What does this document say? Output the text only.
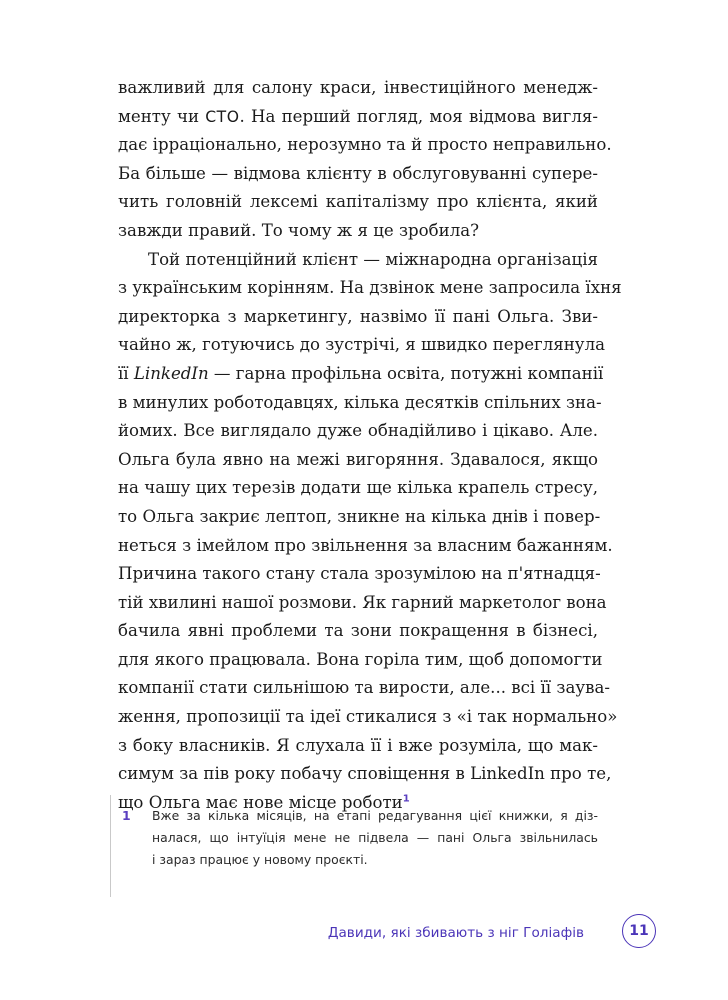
важливий для салону краси, інвестиційного менедж-
менту чи СТО. На перший погляд, моя відмова вигля-
дає ірраціонально, нерозумно та й просто неправильно.
Ба більше — відмова клієнту в обслуговуванні супере-
чить головній лексемі капіталізму про клієнта, який
завжди правий. То чому ж я це зробила?
Той потенційний клієнт — міжнародна організація
з українським корінням. На дзвінок мене запросила їхня
директорка з маркетингу, назвімо її пані Ольга. Зви-
чайно ж, готуючись до зустрічі, я швидко переглянула
її LinkedIn — гарна профільна освіта, потужні компанії
в минулих роботодавцях, кілька десятків спільних зна-
йомих. Все виглядало дуже обнадійливо і цікаво. Але.
Ольга була явно на межі вигоряння. Здавалося, якщо
на чашу цих терезів додати ще кілька крапель стресу,
то Ольга закриє лептоп, зникне на кілька днів і повер-
неться з імейлом про звільнення за власним бажанням.
Причина такого стану стала зрозумілою на п'ятнадця-
тій хвилині нашої розмови. Як гарний маркетолог вона
бачила явні проблеми та зони покращення в бізнесі,
для якого працювала. Вона горіла тим, щоб допомогти
компанії стати сильнішою та вирости, але... всі її заува-
ження, пропозиції та ідеї стикалися з «і так нормально»
з боку власників. Я слухала її і вже розуміла, що мак-
симум за пів року побачу сповіщення в LinkedIn про те,
що Ольга має нове місце роботи$^1$
1 Вже за кілька місяців, на етапі редагування цієї книжки, я діз-
налася, що інтуїція мене не підвела — пані Ольга звільнилась
і зараз працює у новому проєкті.
Давиди, які збивають з ніг Голіафів	11
